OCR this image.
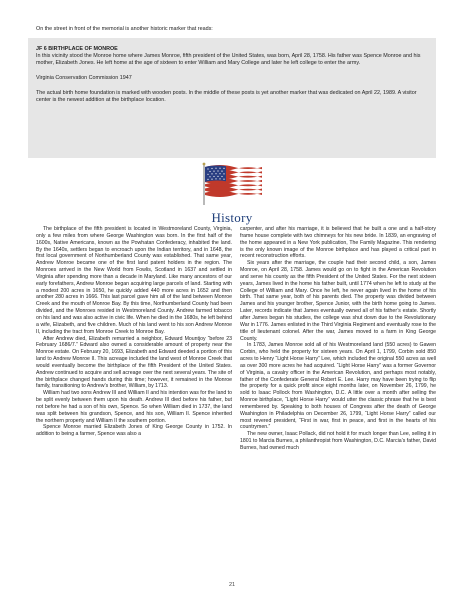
On the street in front of the memorial is another historic marker that reads:

JF 6 BIRTHPLACE OF MONROE

In this vicinity stood the Monroe home where James Monroe, fifth president of the United States, was born, April 28, 1758. His father was Spence Monroe and his mother, Elizabeth Jones. He left home at the age of sixteen to enter William and Mary College and later he left college to enter the army.

Virginia Conservation Commission 1947

The actual birth home foundation is marked with wooden posts. In the middle of these posts is yet another marker that was dedicated on April 22, 1989. A visitor center is the newest addition at the birthplace location.

History

The birthplace of the fifth president is located in Westmoreland County, Virginia, only a few miles from where George Washington was born. In the first half of the 1600s, Native Americans, known as the Powhatan Confederacy, inhabited the land. By the 1640s, settlers began to encroach upon the Indian territory, and in 1648, the first local government of Northumberland County was established. That same year, Andrew Monroe became one of the first land patent holders in the region. The Monroes arrived in the New World from Fowlis, Scotland in 1637 and settled in Virginia after spending more than a decade in Maryland. Like many ancestors of our early forefathers, Andrew Monroe began acquiring large parcels of land. Starting with a modest 200 acres in 1650, he quickly added 440 more acres in 1652 and then another 280 acres in 1666. This last parcel gave him all of the land between Monroe Creek and the mouth of Monroe Bay. By this time, Northumberland County had been divided, and the Monroes resided in Westmoreland County. Andrew farmed tobacco on his land and was also active in civic life. When he died in the 1680s, he left behind a wife, Elizabeth, and five children. Much of his land went to his son Andrew Monroe II, including the tract from Monroe Creek to Monroe Bay.

After Andrew died, Elizabeth remarried a neighbor, Edward Mountjoy “before 23 February 1686/7.” Edward also owned a considerable amount of property near the Monroe estate. On February 20, 1693, Elizabeth and Edward deeded a portion of this land to Andrew Monroe II. This acreage included the land west of Monroe Creek that would eventually become the birthplace of the fifth President of the United States. Andrew continued to acquire and sell acreage over the next several years. The site of the birthplace changed hands during this time; however, it remained in the Monroe family, transitioning to Andrew’s brother, William, by 1713.

William had two sons Andrew III and William II and his intention was for the land to be split evenly between them upon his death. Andrew III died before his father, but not before he had a son of his own, Spence. So when William died in 1737, the land was split between his grandson, Spence, and his son, William II. Spence inherited the northern property and William II the southern portion.

Spence Monroe married Elizabeth Jones of King George County in 1752. In addition to being a farmer, Spence was also a

carpenter, and after his marriage, it is believed that he built a one and a half-story frame house complete with two chimneys for his new bride. In 1839, an engraving of the home appeared in a New York publication, The Family Magazine. This rendering is the only known image of the Monroe birthplace and has played a critical part in recent reconstruction efforts.

Six years after the marriage, the couple had their second child, a son, James Monroe, on April 28, 1758. James would go on to fight in the American Revolution and serve his county as the fifth President of the United States. For the next sixteen years, James lived in the home his father built, until 1774 when he left to study at the College of William and Mary. Once he left, he never again lived in the home of his birth. That same year, both of his parents died. The property was divided between James and his younger brother, Spence Junior, with the birth home going to James. Later, records indicate that James eventually owned all of his father’s estate. Shortly after James began his studies, the college was shut down due to the Revolutionary War in 1776. James enlisted in the Third Virginia Regiment and eventually rose to the title of lieutenant colonel. After the war, James moved to a farm in King George County.

In 1783, James Monroe sold all of his Westmoreland land (550 acres) to Gawen Corbin, who held the property for sixteen years. On April 1, 1799, Corbin sold 850 acres to Henry “Light Horse Harry” Lee, which included the original 550 acres as well as over 300 more acres he had acquired. “Light Horse Harry” was a former Governor of Virginia, a cavalry officer in the American Revolution, and perhaps most notably, father of the Confederate General Robert E. Lee. Harry may have been trying to flip the property for a quick profit since eight months later, on November 26, 1799, he sold to Isaac Pollock from Washington, D.C. A little over a month after selling the Monroe birthplace, “Light Horse Harry” would utter the classic phrase that he is best remembered by. Speaking to both houses of Congress after the death of George Washington in Philadelphia on December 26, 1799, “Light Horse Harry” called our most revered president, “First in war, first in peace, and first in the hearts of his countrymen.”

The new owner, Isaac Pollack, did not hold it for much longer than Lee, selling it in 1801 to Marcia Burnes, a philanthropist from Washington, D.C. Marcia’s father, David Burnes, had owned much

21
